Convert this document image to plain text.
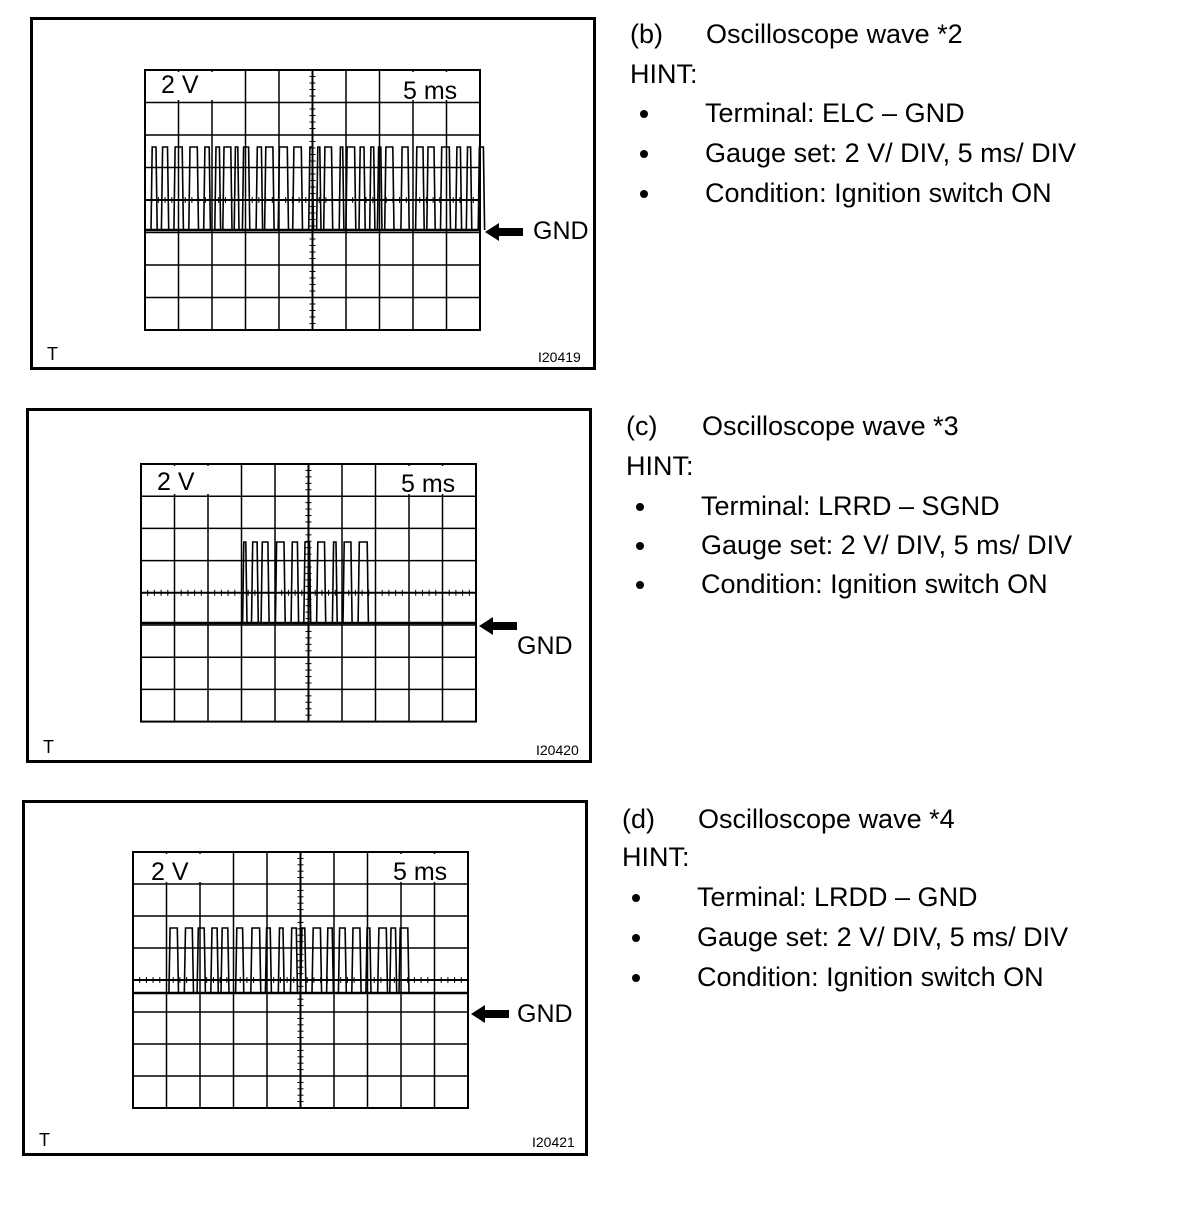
2 V	5 ms
GND
T	I20419
2 V	5 ms
GND
T	I20420
2 V	5 ms
GND
T	I20421
(b) Oscilloscope wave *2
HINT:
Terminal: ELC – GND
Gauge set: 2 V/ DIV, 5 ms/ DIV
Condition: Ignition switch ON
(c) Oscilloscope wave *3
HINT:
Terminal: LRRD – SGND
Gauge set: 2 V/ DIV, 5 ms/ DIV
Condition: Ignition switch ON
(d) Oscilloscope wave *4
HINT:
Terminal: LRDD – GND
Gauge set: 2 V/ DIV, 5 ms/ DIV
Condition: Ignition switch ON
